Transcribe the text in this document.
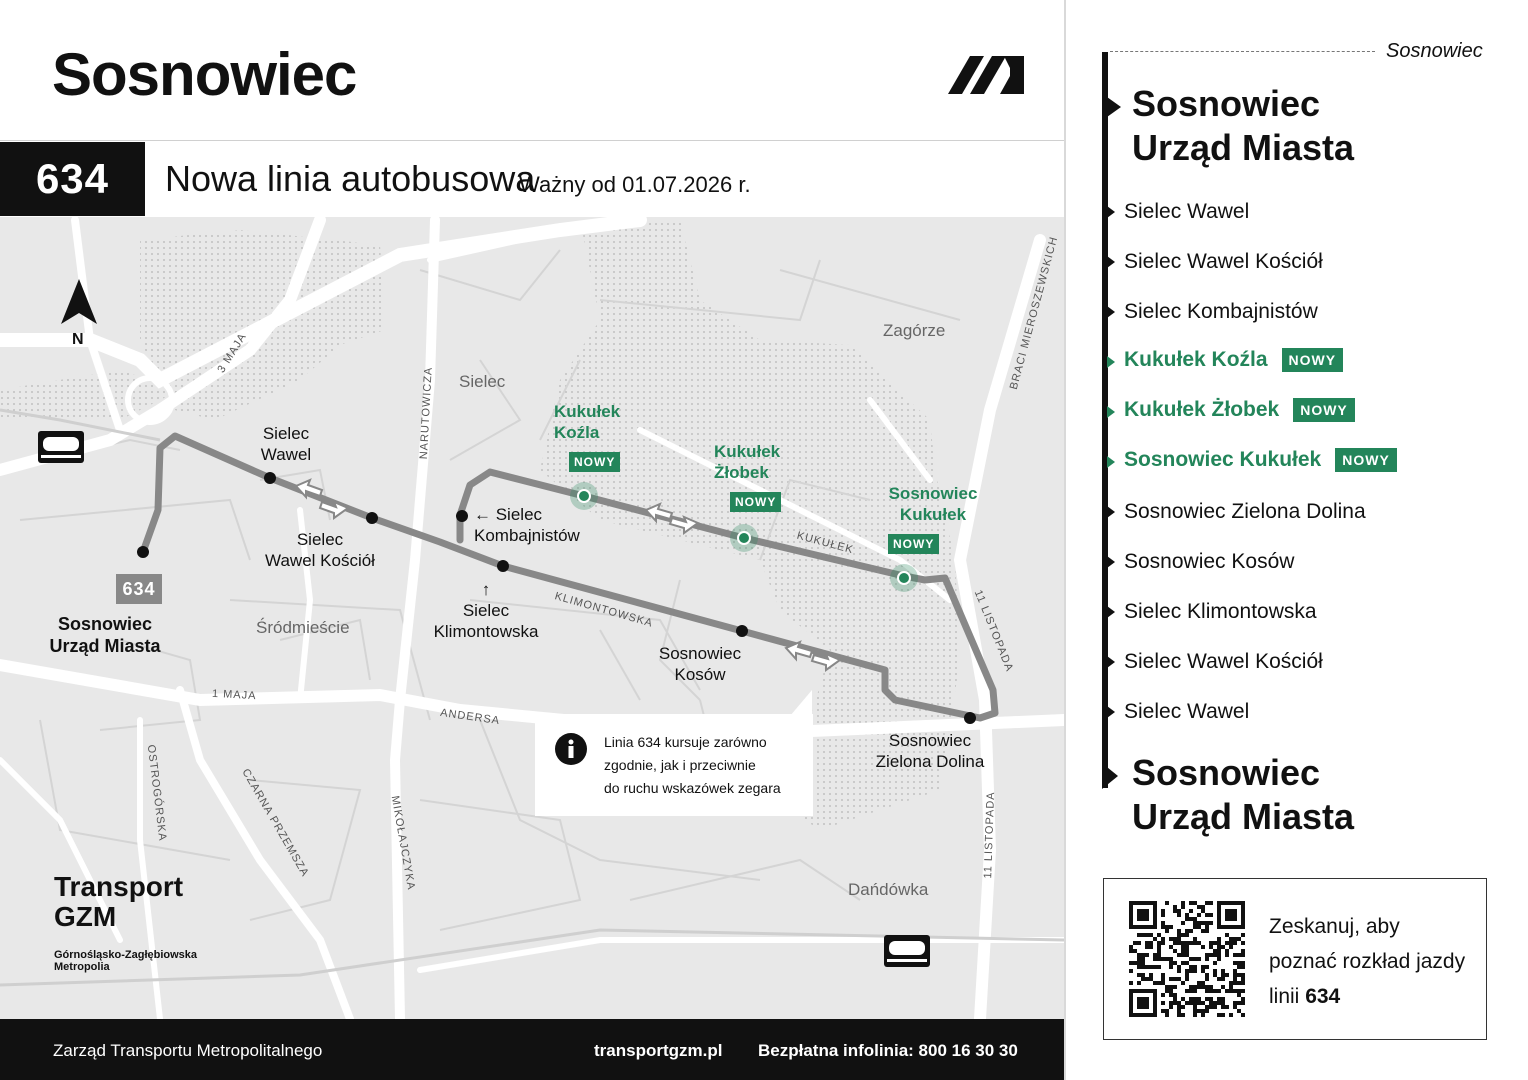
Sosnowiec
634	Nowa linia autobusowa
Ważny od 01.07.2026 r.
N
Sielec
Zagórze
Śródmieście
Dańdówka
3 MAJA
NARUTOWICZA
BRACI MIEROSZEWSKICH
KUKUŁEK
KLIMONTOWSKA	11 LISTOPADA
1 MAJA
ANDERSA
OSTROGÓRSKA	CZARNA PRZEMSZA	MIKOŁAJCZYKA	11 LISTOPADA
634
Sosnowiec
Urząd Miasta
Sielec
Wawel
Sielec
Wawel Kościół
← Sielec
Kombajnistów
↑
Sielec
Klimontowska
Kukułek
Koźla
NOWY
Kukułek
Żłobek
NOWY	Sosnowiec
Kukułek
NOWY
Sosnowiec
Kosów
Sosnowiec
Zielona Dolina
Linia 634 kursuje zarówno
zgodnie, jak i przeciwnie
do ruchu wskazówek zegara
Transport
GZM
Górnośląsko-Zagłębiowska
Metropolia
Zarząd Transportu Metropolitalnego	transportgzm.pl Bezpłatna infolinia: 800 16 30 30
Sosnowiec
Sosnowiec
Urząd Miasta
Sielec Wawel
Sielec Wawel Kościół
Sielec Kombajnistów
Kukułek Koźla	NOWY
Kukułek Żłobek	NOWY
Sosnowiec Kukułek	NOWY
Sosnowiec Zielona Dolina
Sosnowiec Kosów
Sielec Klimontowska
Sielec Wawel Kościół
Sielec Wawel
Sosnowiec
Urząd Miasta
Zeskanuj, aby
poznać rozkład jazdy
linii 634
